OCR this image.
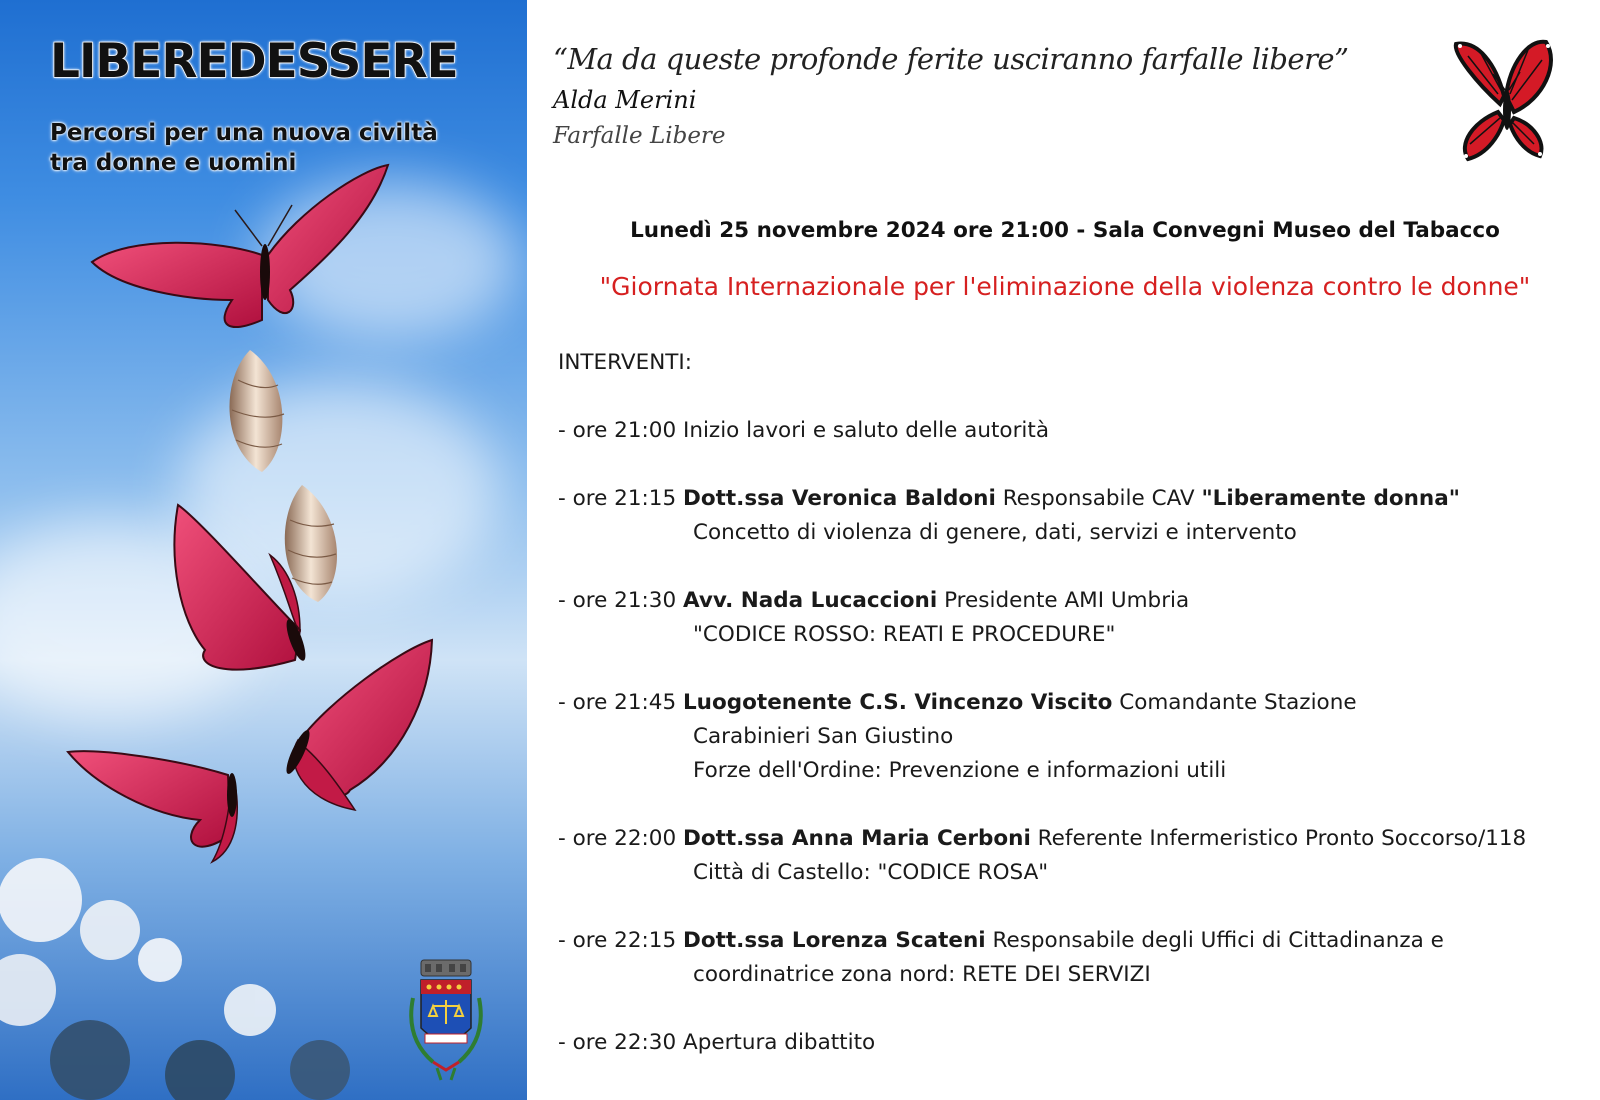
LIBEREDESSERE
Percorsi per una nuova civiltà
tra donne e uomini
“Ma da queste profonde ferite usciranno farfalle libere”
Alda Merini
Farfalle Libere
Lunedì 25 novembre 2024 ore 21:00 - Sala Convegni Museo del Tabacco
"Giornata Internazionale per l'eliminazione della violenza contro le donne"
INTERVENTI:
- ore 21:00 Inizio lavori e saluto delle autorità
- ore 21:15 Dott.ssa Veronica Baldoni Responsabile CAV "Liberamente donna"
Concetto di violenza di genere, dati, servizi e intervento
- ore 21:30 Avv. Nada Lucaccioni Presidente AMI Umbria
"CODICE ROSSO: REATI E PROCEDURE"
- ore 21:45 Luogotenente C.S. Vincenzo Viscito Comandante Stazione
Carabinieri San Giustino
Forze dell'Ordine: Prevenzione e informazioni utili
- ore 22:00 Dott.ssa Anna Maria Cerboni Referente Infermeristico Pronto Soccorso/118
Città di Castello: "CODICE ROSA"
- ore 22:15 Dott.ssa Lorenza Scateni Responsabile degli Uffici di Cittadinanza e
coordinatrice zona nord: RETE DEI SERVIZI
- ore 22:30 Apertura dibattito
